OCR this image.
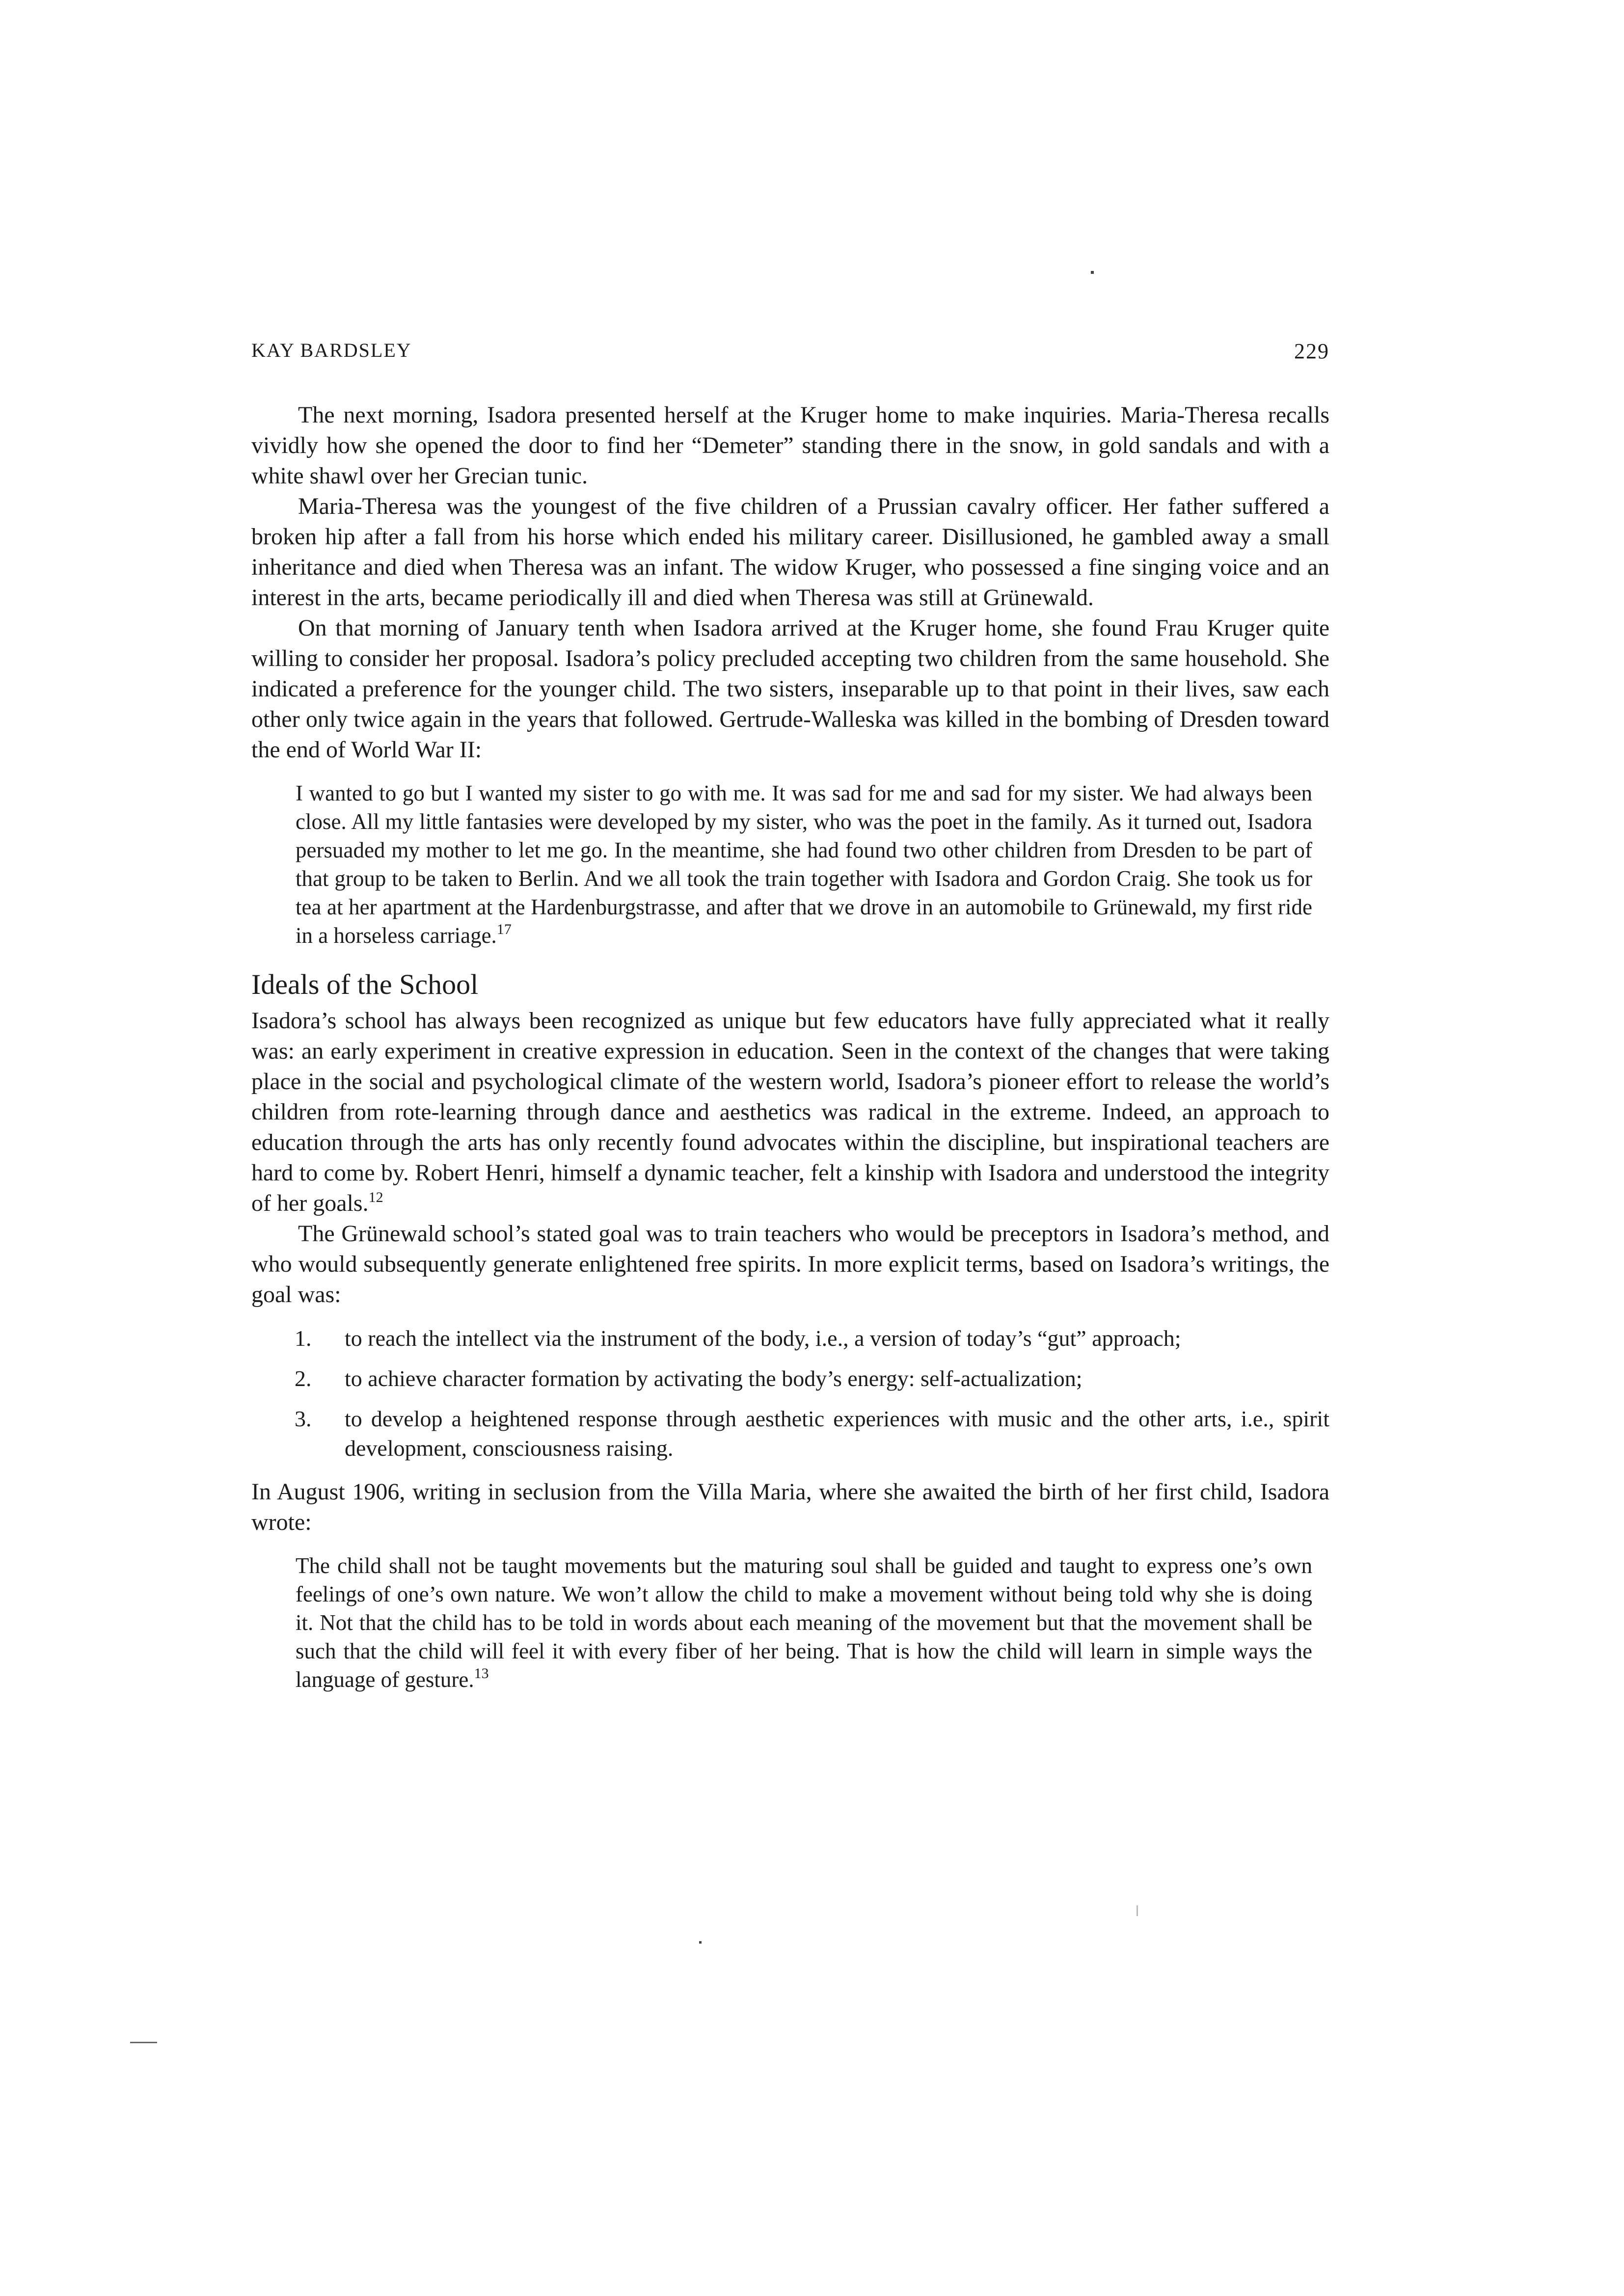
KAY BARDSLEY	229

The next morning, Isadora presented herself at the Kruger home to make inquiries. Maria-Theresa recalls vividly how she opened the door to find her “Demeter” standing there in the snow, in gold sandals and with a white shawl over her Grecian tunic.

Maria-Theresa was the youngest of the five children of a Prussian cavalry officer. Her father suffered a broken hip after a fall from his horse which ended his military career. Disillusioned, he gambled away a small inheritance and died when Theresa was an infant. The widow Kruger, who possessed a fine singing voice and an interest in the arts, became periodically ill and died when Theresa was still at Grünewald.

On that morning of January tenth when Isadora arrived at the Kruger home, she found Frau Kruger quite willing to consider her proposal. Isadora’s policy precluded accepting two children from the same household. She indicated a preference for the younger child. The two sisters, inseparable up to that point in their lives, saw each other only twice again in the years that followed. Gertrude-Walleska was killed in the bombing of Dresden toward the end of World War II:

I wanted to go but I wanted my sister to go with me. It was sad for me and sad for my sister. We had always been close. All my little fantasies were developed by my sister, who was the poet in the family. As it turned out, Isadora persuaded my mother to let me go. In the meantime, she had found two other children from Dresden to be part of that group to be taken to Berlin. And we all took the train together with Isadora and Gordon Craig. She took us for tea at her apartment at the Hardenburgstrasse, and after that we drove in an automobile to Grünewald, my first ride in a horseless carriage.$^{17}$
Ideals of the School

Isadora’s school has always been recognized as unique but few educators have fully appreciated what it really was: an early experiment in creative expression in education. Seen in the context of the changes that were taking place in the social and psychological climate of the western world, Isadora’s pioneer effort to release the world’s children from rote-learning through dance and aesthetics was radical in the extreme. Indeed, an approach to education through the arts has only recently found advocates within the discipline, but inspirational teachers are hard to come by. Robert Henri, himself a dynamic teacher, felt a kinship with Isadora and understood the integrity of her goals.$^{12}$

The Grünewald school’s stated goal was to train teachers who would be preceptors in Isadora’s method, and who would subsequently generate enlightened free spirits. In more explicit terms, based on Isadora’s writings, the goal was:

1. to reach the intellect via the instrument of the body, i.e., a version of today’s “gut” approach;
2. to achieve character formation by activating the body’s energy: self-actualization;
3. to develop a heightened response through aesthetic experiences with music and the other arts, i.e., spirit development, consciousness raising.

In August 1906, writing in seclusion from the Villa Maria, where she awaited the birth of her first child, Isadora wrote:

The child shall not be taught movements but the maturing soul shall be guided and taught to express one’s own feelings of one’s own nature. We won’t allow the child to make a movement without being told why she is doing it. Not that the child has to be told in words about each meaning of the movement but that the movement shall be such that the child will feel it with every fiber of her being. That is how the child will learn in simple ways the language of gesture.$^{13}$
